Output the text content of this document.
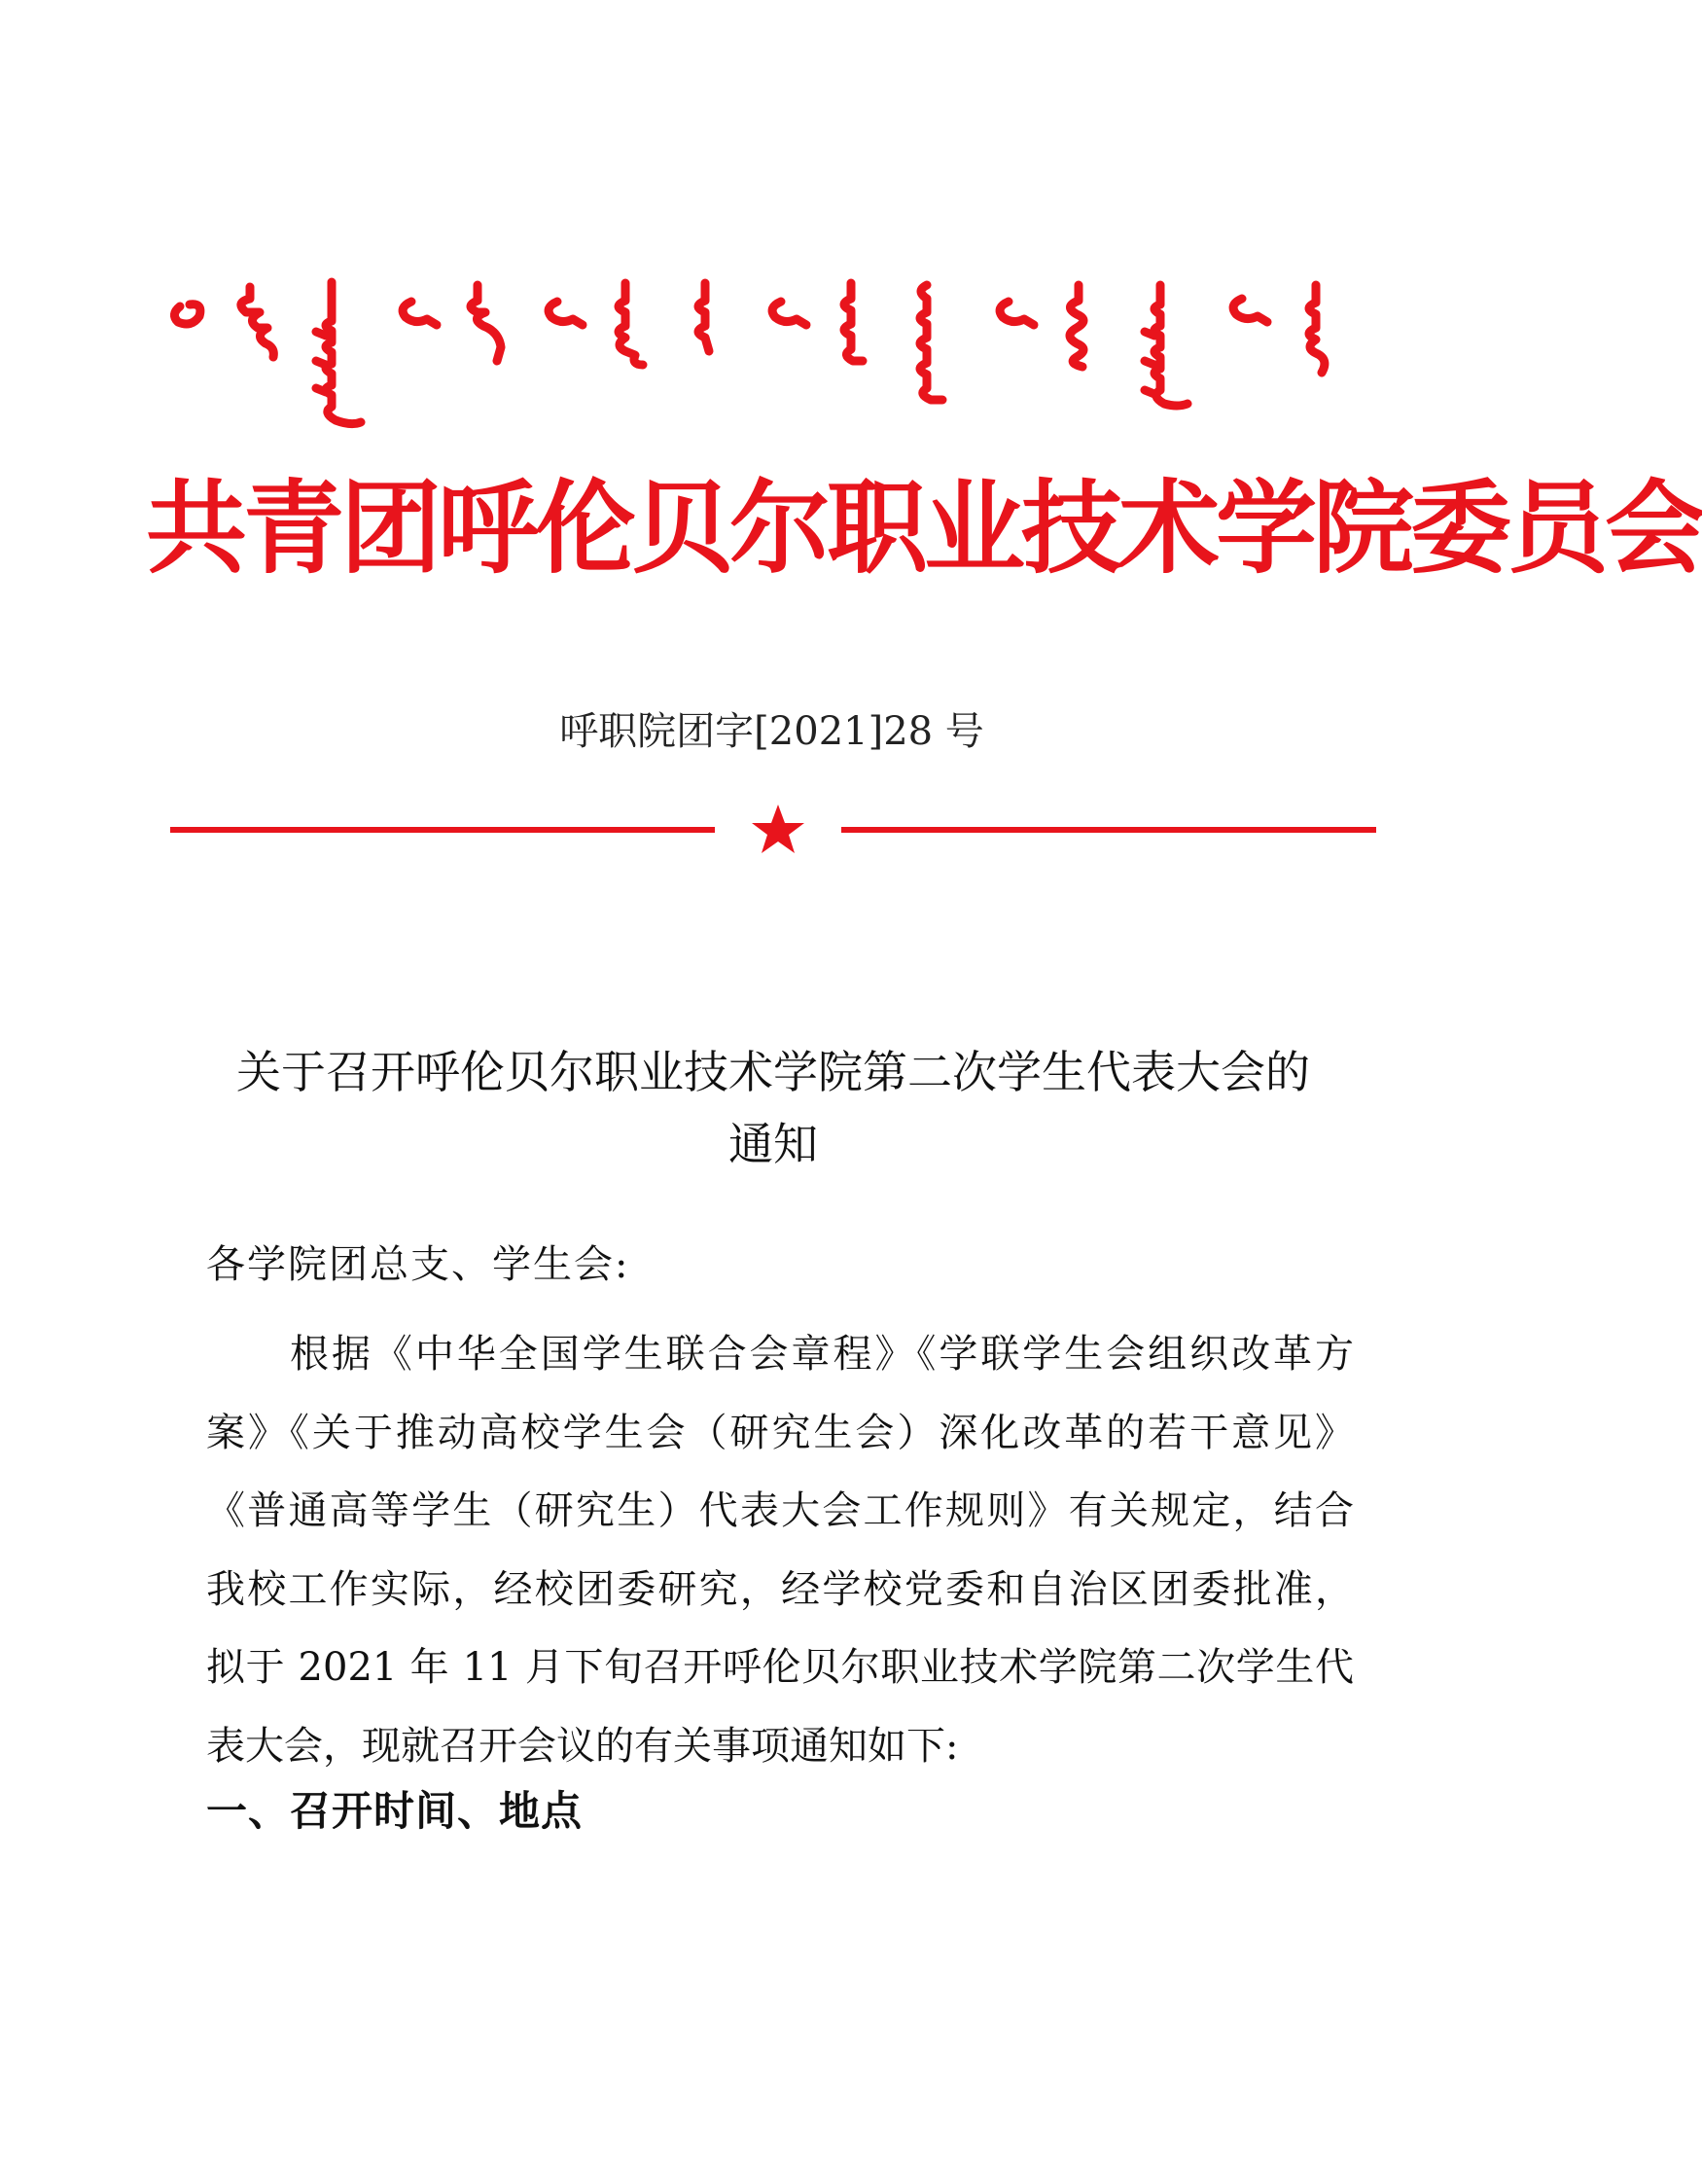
共青团呼伦贝尔职业技术学院委员会
呼职院团字[2021]28 号
关于召开呼伦贝尔职业技术学院第二次学生代表大会的
通知
各学院团总支、学生会:
根据《中华全国学生联合会章程》《学联学生会组织改革方
案》《关于推动高校学生会（研究生会）深化改革的若干意见》
《普通高等学生（研究生）代表大会工作规则》有关规定，结合
我校工作实际，经校团委研究，经学校党委和自治区团委批准，
拟于 2021 年 11 月下旬召开呼伦贝尔职业技术学院第二次学生代
表大会，现就召开会议的有关事项通知如下:
一、召开时间、地点
